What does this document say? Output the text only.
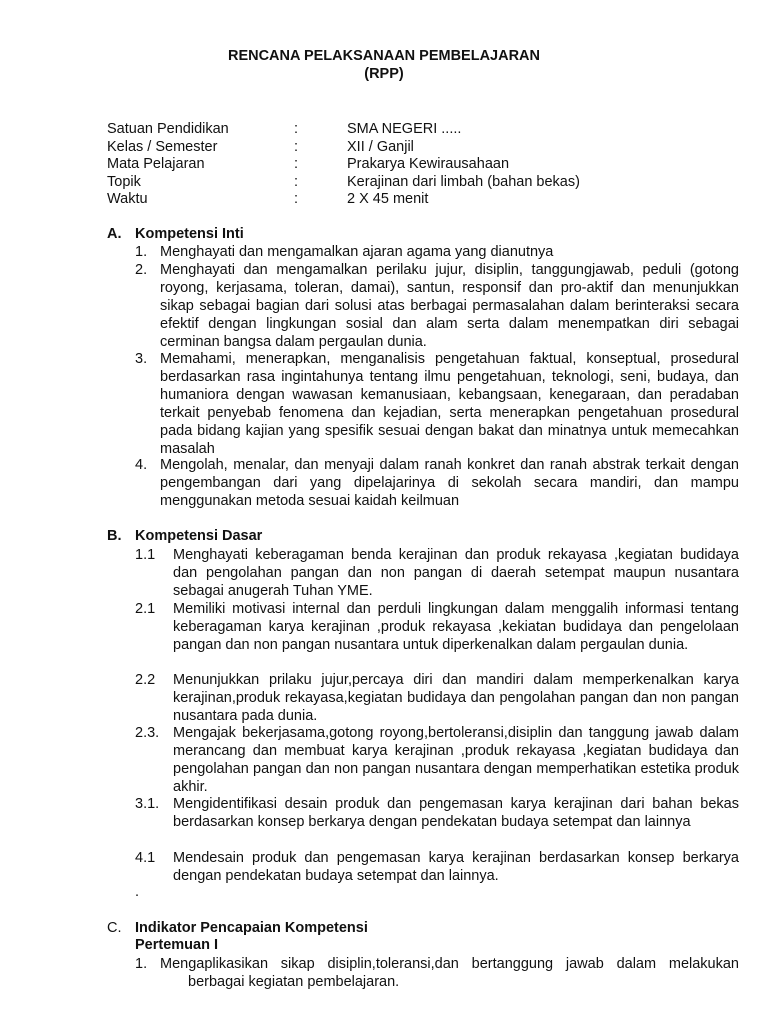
RENCANA PELAKSANAAN PEMBELAJARAN
(RPP)
Satuan Pendidikan	:	SMA NEGERI .....
Kelas / Semester	:	XII / Ganjil
Mata Pelajaran	:	Prakarya Kewirausahaan
Topik	:	Kerajinan dari limbah (bahan bekas)
Waktu	:	2 X 45 menit
A. Kompetensi Inti
1. Menghayati dan mengamalkan ajaran agama yang dianutnya
2. Menghayati dan mengamalkan perilaku jujur, disiplin, tanggungjawab, peduli (gotong royong, kerjasama, toleran, damai), santun, responsif dan pro-aktif dan menunjukkan sikap sebagai bagian dari solusi atas berbagai permasalahan dalam berinteraksi secara efektif dengan lingkungan sosial dan alam serta dalam menempatkan diri sebagai cerminan bangsa dalam pergaulan dunia.
3. Memahami, menerapkan, menganalisis pengetahuan faktual, konseptual, prosedural berdasarkan rasa ingintahunya tentang ilmu pengetahuan, teknologi, seni, budaya, dan humaniora dengan wawasan kemanusiaan, kebangsaan, kenegaraan, dan peradaban terkait penyebab fenomena dan kejadian, serta menerapkan pengetahuan prosedural pada bidang kajian yang spesifik sesuai dengan bakat dan minatnya untuk memecahkan masalah
4. Mengolah, menalar, dan menyaji dalam ranah konkret dan ranah abstrak terkait dengan pengembangan dari yang dipelajarinya di sekolah secara mandiri, dan mampu menggunakan metoda sesuai kaidah keilmuan
B. Kompetensi Dasar
1.1 Menghayati keberagaman benda kerajinan dan produk rekayasa ,kegiatan budidaya dan pengolahan pangan dan non pangan di daerah setempat maupun nusantara sebagai anugerah Tuhan YME.
2.1 Memiliki motivasi internal dan perduli lingkungan dalam menggalih informasi tentang keberagaman karya kerajinan ,produk rekayasa ,kekiatan budidaya dan pengelolaan pangan dan non pangan nusantara untuk diperkenalkan dalam pergaulan dunia.
2.2 Menunjukkan prilaku jujur,percaya diri dan mandiri dalam memperkenalkan karya kerajinan,produk rekayasa,kegiatan budidaya dan pengolahan pangan dan non pangan nusantara pada dunia.
2.3. Mengajak bekerjasama,gotong royong,bertoleransi,disiplin dan tanggung jawab dalam merancang dan membuat karya kerajinan ,produk rekayasa ,kegiatan budidaya dan pengolahan pangan dan non pangan nusantara dengan memperhatikan estetika produk akhir.
3.1. Mengidentifikasi desain produk dan pengemasan karya kerajinan dari bahan bekas berdasarkan konsep berkarya dengan pendekatan budaya setempat dan lainnya
4.1 Mendesain produk dan pengemasan karya kerajinan berdasarkan konsep berkarya dengan pendekatan budaya setempat dan lainnya.
.
C. Indikator Pencapaian Kompetensi
Pertemuan I
1. Mengaplikasikan sikap disiplin,toleransi,dan bertanggung jawab dalam melakukan berbagai kegiatan pembelajaran.
